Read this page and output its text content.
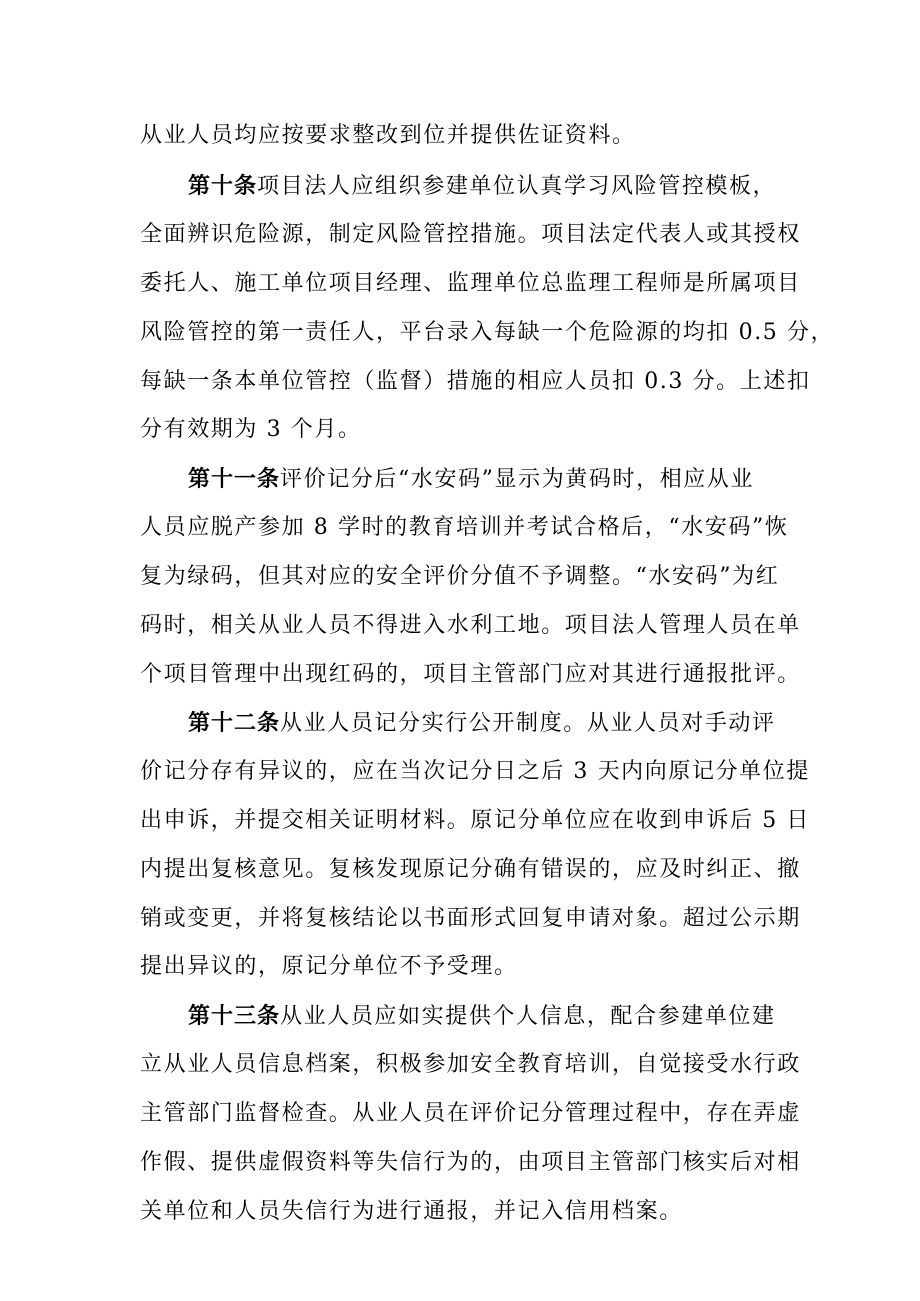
从业人员均应按要求整改到位并提供佐证资料。
第十条项目法人应组织参建单位认真学习风险管控模板，
全面辨识危险源，制定风险管控措施。项目法定代表人或其授权
委托人、施工单位项目经理、监理单位总监理工程师是所属项目
风险管控的第一责任人，平台录入每缺一个危险源的均扣 0.5 分，
每缺一条本单位管控（监督）措施的相应人员扣 0.3 分。上述扣
分有效期为 3 个月。
第十一条评价记分后“水安码”显示为黄码时，相应从业
人员应脱产参加 8 学时的教育培训并考试合格后，“水安码”恢
复为绿码，但其对应的安全评价分值不予调整。“水安码”为红
码时，相关从业人员不得进入水利工地。项目法人管理人员在单
个项目管理中出现红码的，项目主管部门应对其进行通报批评。
第十二条从业人员记分实行公开制度。从业人员对手动评
价记分存有异议的，应在当次记分日之后 3 天内向原记分单位提
出申诉，并提交相关证明材料。原记分单位应在收到申诉后 5 日
内提出复核意见。复核发现原记分确有错误的，应及时纠正、撤
销或变更，并将复核结论以书面形式回复申请对象。超过公示期
提出异议的，原记分单位不予受理。
第十三条从业人员应如实提供个人信息，配合参建单位建
立从业人员信息档案，积极参加安全教育培训，自觉接受水行政
主管部门监督检查。从业人员在评价记分管理过程中，存在弄虚
作假、提供虚假资料等失信行为的，由项目主管部门核实后对相
关单位和人员失信行为进行通报，并记入信用档案。
